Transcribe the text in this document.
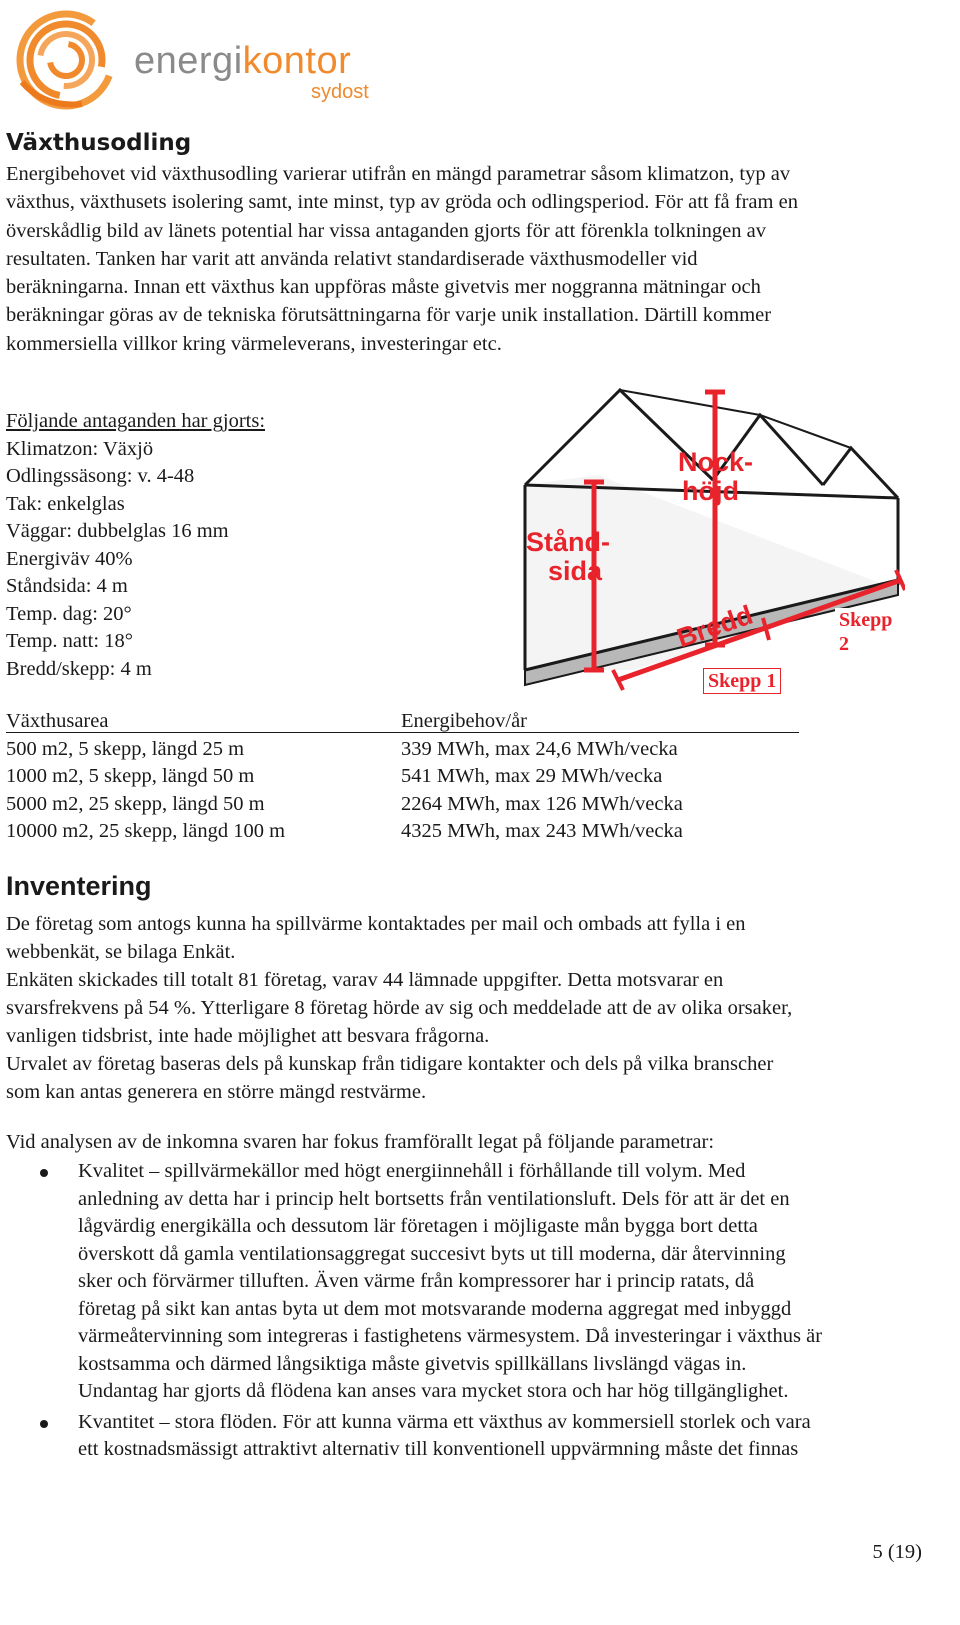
energikontor
sydost
Växthusodling
Energibehovet vid växthusodling varierar utifrån en mängd parametrar såsom klimatzon, typ av
växthus, växthusets isolering samt, inte minst, typ av gröda och odlingsperiod. För att få fram en
överskådlig bild av länets potential har vissa antaganden gjorts för att förenkla tolkningen av
resultaten. Tanken har varit att använda relativt standardiserade växthusmodeller vid
beräkningarna. Innan ett växthus kan uppföras måste givetvis mer noggranna mätningar och
beräkningar göras av de tekniska förutsättningarna för varje unik installation. Därtill kommer
kommersiella villkor kring värmeleverans, investeringar etc.
Följande antaganden har gjorts:
Klimatzon: Växjö
Odlingssäsong: v. 4-48
Tak: enkelglas
Väggar: dubbelglas 16 mm
Energiväv 40%
Ståndsida: 4 m
Temp. dag: 20°
Temp. natt: 18°
Bredd/skepp: 4 m
Nock-
höjd
Stånd-
sida
Bredd
Skepp 1
Skepp 2
Växthusarea	Energibehov/år
500 m2, 5 skepp, längd 25 m	339 MWh, max 24,6 MWh/vecka
1000 m2, 5 skepp, längd 50 m	541 MWh, max 29 MWh/vecka
5000 m2, 25 skepp, längd 50 m	2264 MWh, max 126 MWh/vecka
10000 m2, 25 skepp, längd 100 m	4325 MWh, max 243 MWh/vecka
Inventering
De företag som antogs kunna ha spillvärme kontaktades per mail och ombads att fylla i en
webbenkät, se bilaga Enkät.
Enkäten skickades till totalt 81 företag, varav 44 lämnade uppgifter. Detta motsvarar en
svarsfrekvens på 54 %. Ytterligare 8 företag hörde av sig och meddelade att de av olika orsaker,
vanligen tidsbrist, inte hade möjlighet att besvara frågorna.
Urvalet av företag baseras dels på kunskap från tidigare kontakter och dels på vilka branscher
som kan antas generera en större mängd restvärme.
Vid analysen av de inkomna svaren har fokus framförallt legat på följande parametrar:
Kvalitet – spillvärmekällor med högt energiinnehåll i förhållande till volym. Med
anledning av detta har i princip helt bortsetts från ventilationsluft. Dels för att är det en
lågvärdig energikälla och dessutom lär företagen i möjligaste mån bygga bort detta
överskott då gamla ventilationsaggregat succesivt byts ut till moderna, där återvinning
sker och förvärmer tilluften. Även värme från kompressorer har i princip ratats, då
företag på sikt kan antas byta ut dem mot motsvarande moderna aggregat med inbyggd
värmeåtervinning som integreras i fastighetens värmesystem. Då investeringar i växthus är
kostsamma och därmed långsiktiga måste givetvis spillkällans livslängd vägas in.
Undantag har gjorts då flödena kan anses vara mycket stora och har hög tillgänglighet.
Kvantitet – stora flöden. För att kunna värma ett växthus av kommersiell storlek och vara
ett kostnadsmässigt attraktivt alternativ till konventionell uppvärmning måste det finnas
5 (19)
